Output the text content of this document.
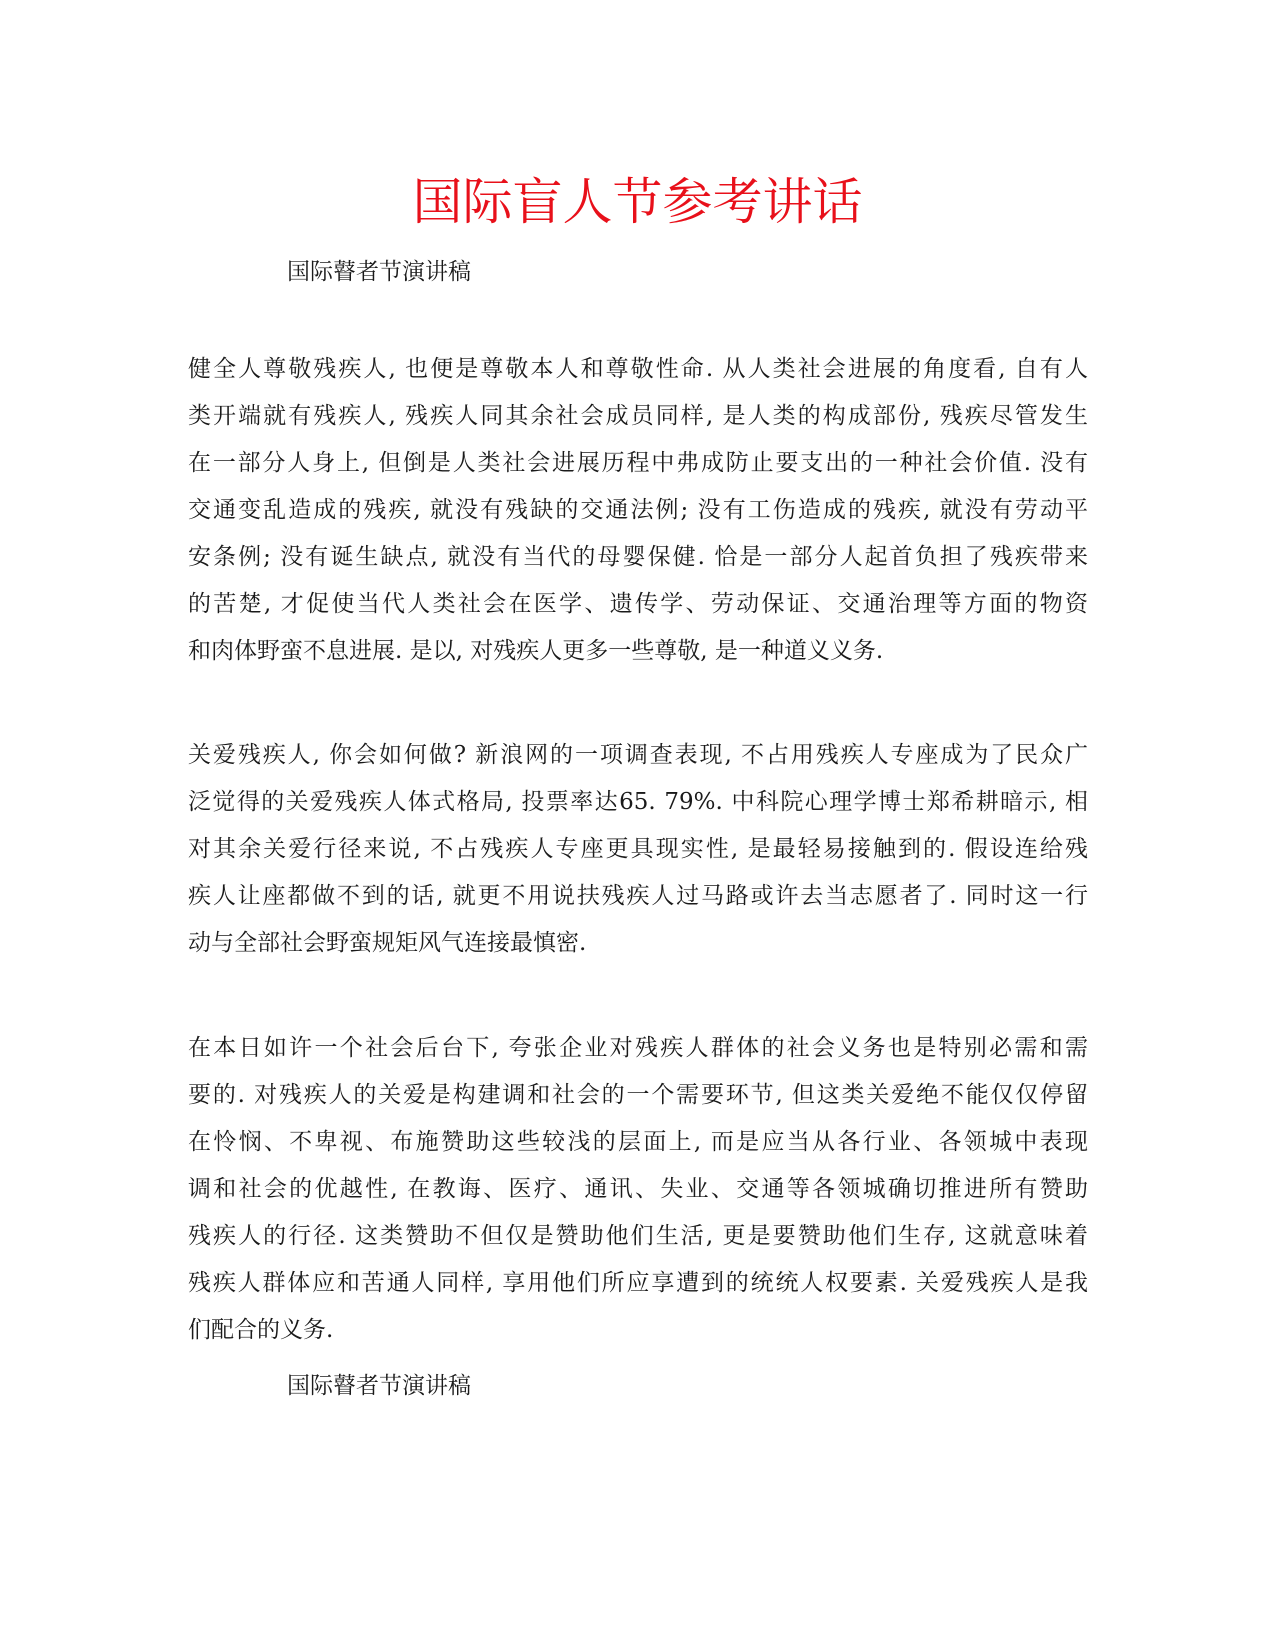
国际盲人节参考讲话

国际瞽者节演讲稿

健全人尊敬残疾人, 也便是尊敬本人和尊敬性命. 从人类社会进展的角度看, 自有人
类开端就有残疾人, 残疾人同其余社会成员同样, 是人类的构成部份, 残疾尽管发生
在一部分人身上, 但倒是人类社会进展历程中弗成防止要支出的一种社会价值. 没有
交通变乱造成的残疾, 就没有残缺的交通法例; 没有工伤造成的残疾, 就没有劳动平
安条例; 没有诞生缺点, 就没有当代的母婴保健. 恰是一部分人起首负担了残疾带来
的苦楚, 才促使当代人类社会在医学、遗传学、劳动保证、交通治理等方面的物资
和肉体野蛮不息进展. 是以, 对残疾人更多一些尊敬, 是一种道义义务.
关爱残疾人, 你会如何做? 新浪网的一项调查表现, 不占用残疾人专座成为了民众广
泛觉得的关爱残疾人体式格局, 投票率达65. 79%. 中科院心理学博士郑希耕暗示, 相
对其余关爱行径来说, 不占残疾人专座更具现实性, 是最轻易接触到的. 假设连给残
疾人让座都做不到的话, 就更不用说扶残疾人过马路或许去当志愿者了. 同时这一行
动与全部社会野蛮规矩风气连接最慎密.
在本日如许一个社会后台下, 夸张企业对残疾人群体的社会义务也是特别必需和需
要的. 对残疾人的关爱是构建调和社会的一个需要环节, 但这类关爱绝不能仅仅停留
在怜悯、不卑视、布施赞助这些较浅的层面上, 而是应当从各行业、各领城中表现
调和社会的优越性, 在教诲、医疗、通讯、失业、交通等各领城确切推进所有赞助
残疾人的行径. 这类赞助不但仅是赞助他们生活, 更是要赞助他们生存, 这就意味着
残疾人群体应和苦通人同样, 享用他们所应享遭到的统统人权要素. 关爱残疾人是我
们配合的义务.

国际瞽者节演讲稿
